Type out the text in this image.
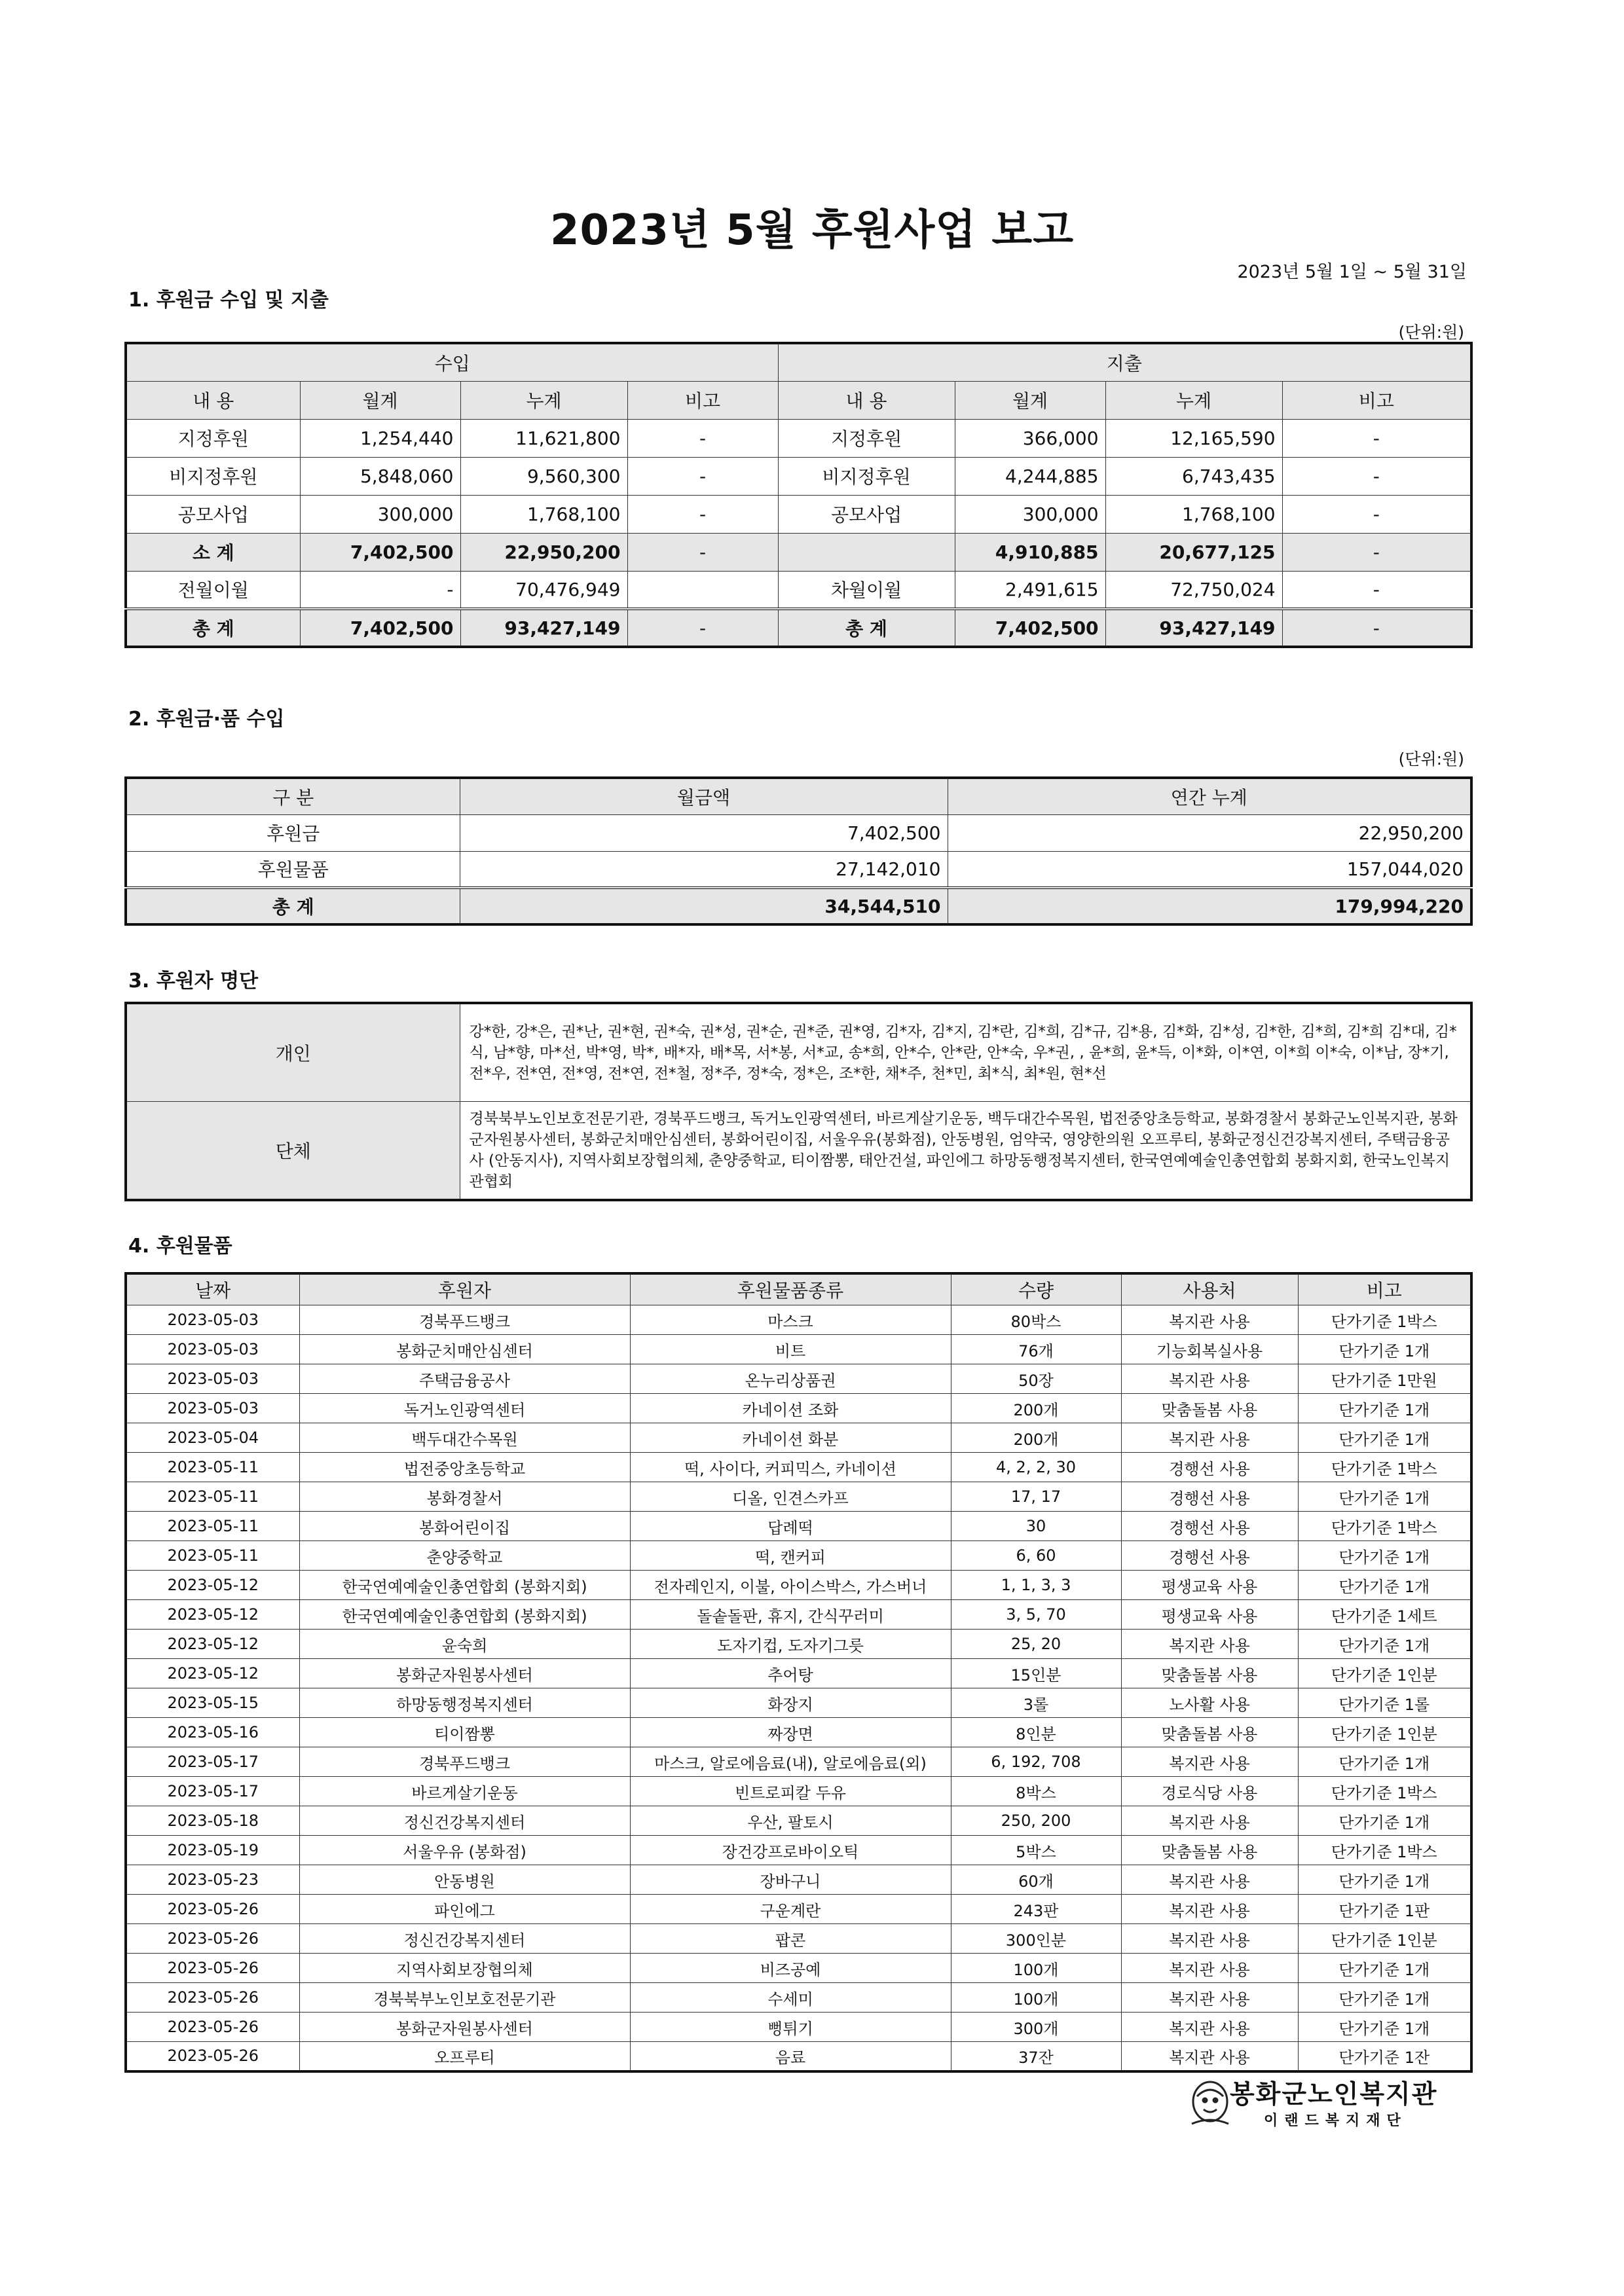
2023년 5월 후원사업 보고
2023년 5월 1일 ~ 5월 31일
1. 후원금 수입 및 지출
(단위:원)
수입				지출			
내 용	월계	누계	비고	내 용	월계	누계	비고
지정후원	1,254,440	11,621,800	-	지정후원	366,000	12,165,590	-
비지정후원	5,848,060	9,560,300	-	비지정후원	4,244,885	6,743,435	-
공모사업	300,000	1,768,100	-	공모사업	300,000	1,768,100	-
소 계	7,402,500	22,950,200	-		4,910,885	20,677,125	-
전월이월	-	70,476,949		차월이월	2,491,615	72,750,024	-
총 계	7,402,500	93,427,149	-	총 계	7,402,500	93,427,149	-
2. 후원금·품 수입
(단위:원)
구 분	월금액	연간 누계
후원금	7,402,500	22,950,200
후원물품	27,142,010	157,044,020
총 계	34,544,510	179,994,220
3. 후원자 명단
개인	강*한, 강*은, 권*난, 권*현, 권*숙, 권*성, 권*순, 권*준, 권*영, 김*자, 김*지, 김*란, 김*희, 김*규, 김*용, 김*화, 김*성, 김*한, 김*희, 김*희 김*대, 김*식, 남*향, 마*선, 박*영, 박*, 배*자, 배*목, 서*봉, 서*교, 송*희, 안*수, 안*란, 안*숙, 우*권, , 윤*희, 윤*득, 이*화, 이*연, 이*희 이*숙, 이*남, 장*기, 전*우, 전*연, 전*영, 전*연, 전*철, 정*주, 정*숙, 정*은, 조*한, 채*주, 천*민, 최*식, 최*원, 현*선
단체	경북북부노인보호전문기관, 경북푸드뱅크, 독거노인광역센터, 바르게살기운동, 백두대간수목원, 법전중앙초등학교, 봉화경찰서 봉화군노인복지관, 봉화군자원봉사센터, 봉화군치매안심센터, 봉화어린이집, 서울우유(봉화점), 안동병원, 엄약국, 영양한의원 오프루티, 봉화군정신건강복지센터, 주택금융공사 (안동지사), 지역사회보장협의체, 춘양중학교, 티이짬뽕, 태안건설, 파인에그 하망동행정복지센터, 한국연예예술인총연합회 봉화지회, 한국노인복지관협회
4. 후원물품
날짜	후원자	후원물품종류	수량	사용처	비고
2023-05-03	경북푸드뱅크	마스크	80박스	복지관 사용	단가기준 1박스
2023-05-03	봉화군치매안심센터	비트	76개	기능회복실사용	단가기준 1개
2023-05-03	주택금융공사	온누리상품권	50장	복지관 사용	단가기준 1만원
2023-05-03	독거노인광역센터	카네이션 조화	200개	맞춤돌봄 사용	단가기준 1개
2023-05-04	백두대간수목원	카네이션 화분	200개	복지관 사용	단가기준 1개
2023-05-11	법전중앙초등학교	떡, 사이다, 커피믹스, 카네이션	4, 2, 2, 30	경행선 사용	단가기준 1박스
2023-05-11	봉화경찰서	디올, 인견스카프	17, 17	경행선 사용	단가기준 1개
2023-05-11	봉화어린이집	답례떡	30	경행선 사용	단가기준 1박스
2023-05-11	춘양중학교	떡, 캔커피	6, 60	경행선 사용	단가기준 1개
2023-05-12	한국연예예술인총연합회 (봉화지회)	전자레인지, 이불, 아이스박스, 가스버너	1, 1, 3, 3	평생교육 사용	단가기준 1개
2023-05-12	한국연예예술인총연합회 (봉화지회)	돌솥돌판, 휴지, 간식꾸러미	3, 5, 70	평생교육 사용	단가기준 1세트
2023-05-12	윤숙희	도자기컵, 도자기그릇	25, 20	복지관 사용	단가기준 1개
2023-05-12	봉화군자원봉사센터	추어탕	15인분	맞춤돌봄 사용	단가기준 1인분
2023-05-15	하망동행정복지센터	화장지	3롤	노사활 사용	단가기준 1롤
2023-05-16	티이짬뽕	짜장면	8인분	맞춤돌봄 사용	단가기준 1인분
2023-05-17	경북푸드뱅크	마스크, 알로에음료(내), 알로에음료(외)	6, 192, 708	복지관 사용	단가기준 1개
2023-05-17	바르게살기운동	빈트로피칼 두유	8박스	경로식당 사용	단가기준 1박스
2023-05-18	정신건강복지센터	우산, 팔토시	250, 200	복지관 사용	단가기준 1개
2023-05-19	서울우유 (봉화점)	장건강프로바이오틱	5박스	맞춤돌봄 사용	단가기준 1박스
2023-05-23	안동병원	장바구니	60개	복지관 사용	단가기준 1개
2023-05-26	파인에그	구운계란	243판	복지관 사용	단가기준 1판
2023-05-26	정신건강복지센터	팝콘	300인분	복지관 사용	단가기준 1인분
2023-05-26	지역사회보장협의체	비즈공예	100개	복지관 사용	단가기준 1개
2023-05-26	경북북부노인보호전문기관	수세미	100개	복지관 사용	단가기준 1개
2023-05-26	봉화군자원봉사센터	뻥튀기	300개	복지관 사용	단가기준 1개
2023-05-26	오프루티	음료	37잔	복지관 사용	단가기준 1잔
봉화군노인복지관
이랜드복지재단
